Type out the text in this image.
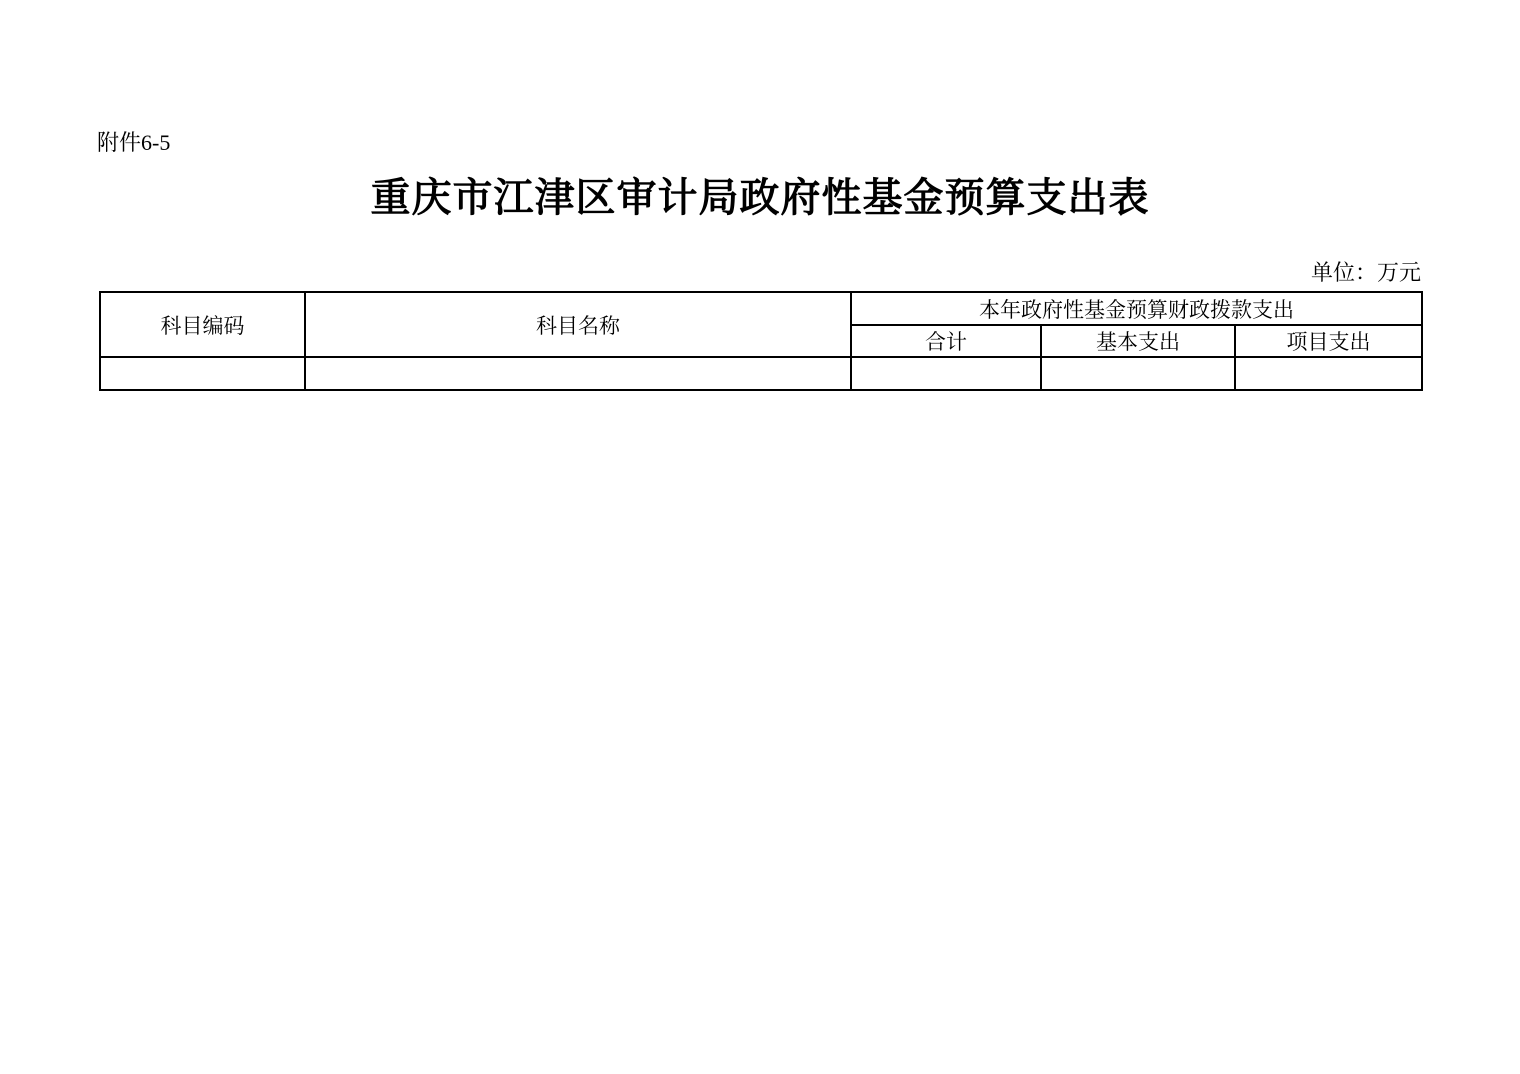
附件6-5
重庆市江津区审计局政府性基金预算支出表
单位：万元
科目编码	科目名称	本年政府性基金预算财政拨款支出		
		合计	基本支出	项目支出
